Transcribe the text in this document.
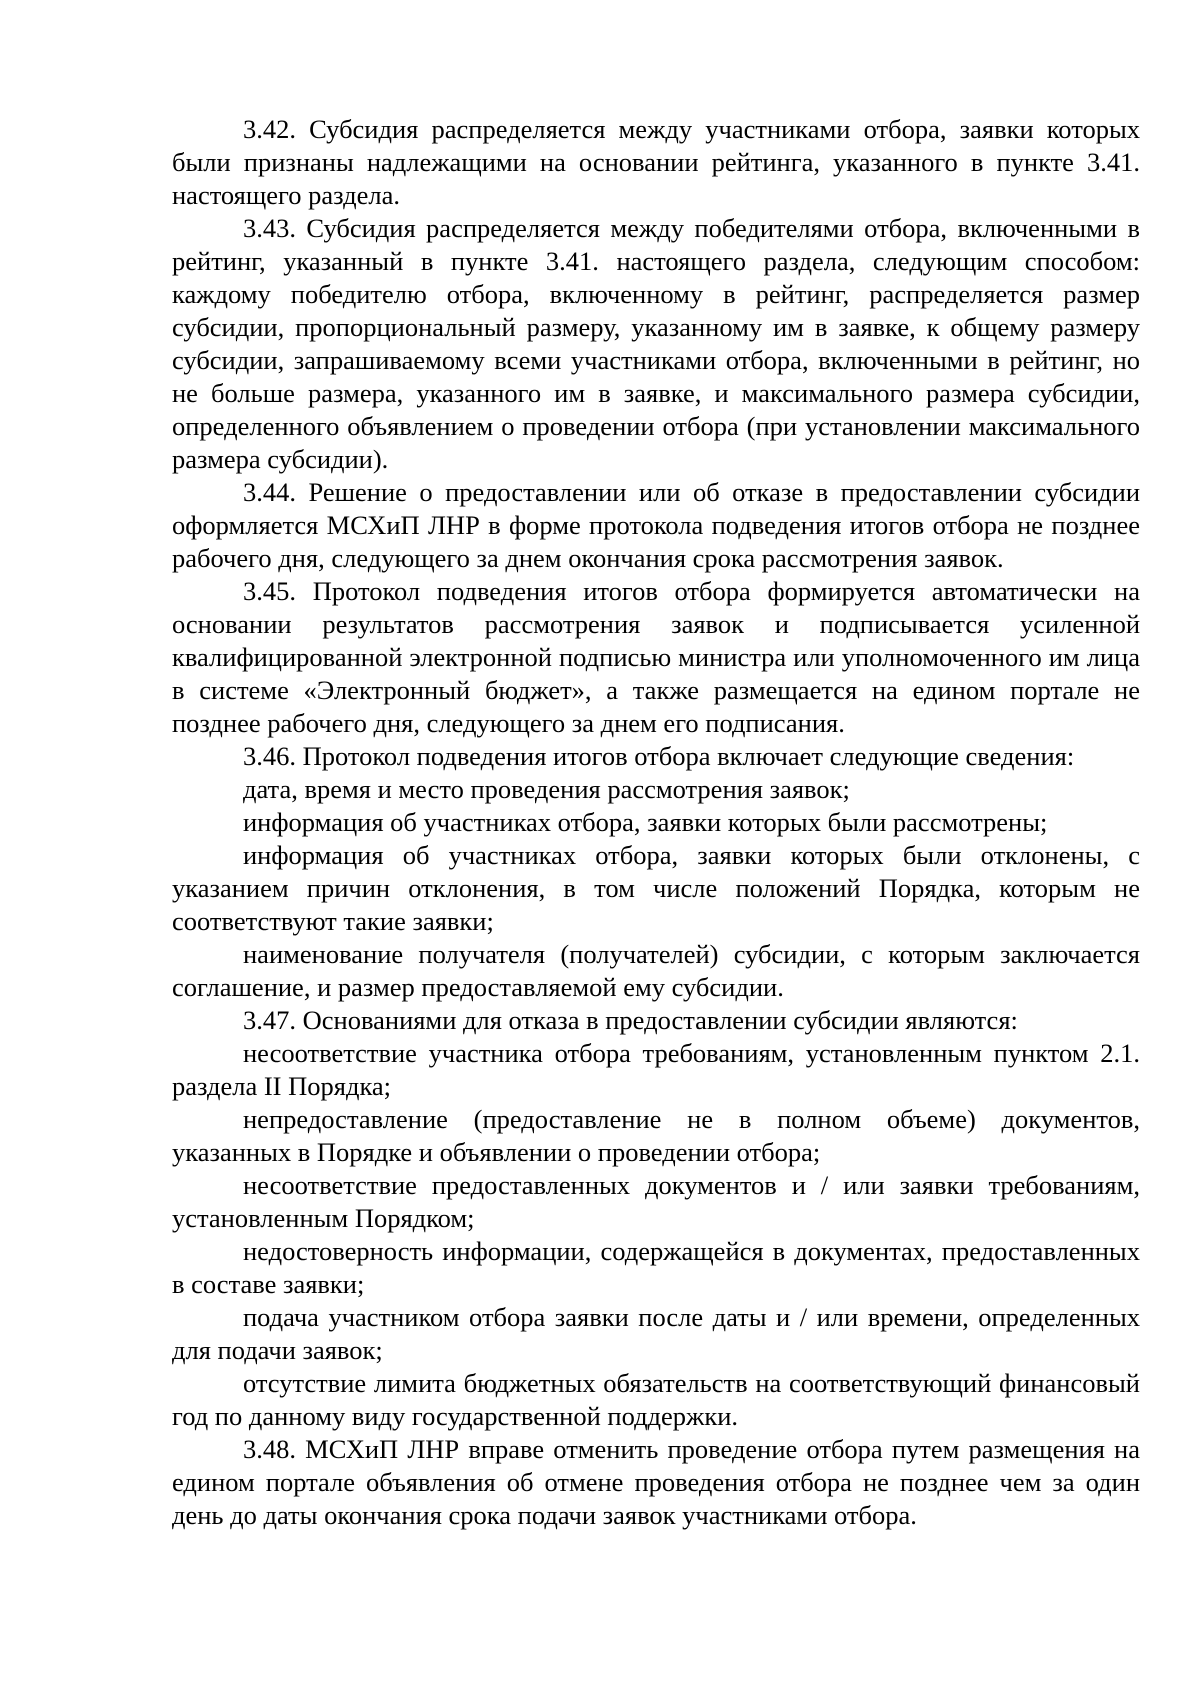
3.42. Субсидия распределяется между участниками отбора, заявки которых были признаны надлежащими на основании рейтинга, указанного в пункте 3.41. настоящего раздела.

3.43. Субсидия распределяется между победителями отбора, включенными в рейтинг, указанный в пункте 3.41. настоящего раздела, следующим способом: каждому победителю отбора, включенному в рейтинг, распределяется размер субсидии, пропорциональный размеру, указанному им в заявке, к общему размеру субсидии, запрашиваемому всеми участниками отбора, включенными в рейтинг, но не больше размера, указанного им в заявке, и максимального размера субсидии, определенного объявлением о проведении отбора (при установлении максимального размера субсидии).

3.44. Решение о предоставлении или об отказе в предоставлении субсидии оформляется МСХиП ЛНР в форме протокола подведения итогов отбора не позднее рабочего дня, следующего за днем окончания срока рассмотрения заявок.

3.45. Протокол подведения итогов отбора формируется автоматически на основании результатов рассмотрения заявок и подписывается усиленной квалифицированной электронной подписью министра или уполномоченного им лица в системе «Электронный бюджет», а также размещается на едином портале не позднее рабочего дня, следующего за днем его подписания.

3.46. Протокол подведения итогов отбора включает следующие сведения:

дата, время и место проведения рассмотрения заявок;

информация об участниках отбора, заявки которых были рассмотрены;

информация об участниках отбора, заявки которых были отклонены, с указанием причин отклонения, в том числе положений Порядка, которым не соответствуют такие заявки;

наименование получателя (получателей) субсидии, с которым заключается соглашение, и размер предоставляемой ему субсидии.

3.47. Основаниями для отказа в предоставлении субсидии являются:

несоответствие участника отбора требованиям, установленным пунктом 2.1. раздела II Порядка;

непредоставление (предоставление не в полном объеме) документов, указанных в Порядке и объявлении о проведении отбора;

несоответствие предоставленных документов и / или заявки требованиям, установленным Порядком;

недостоверность информации, содержащейся в документах, предоставленных в составе заявки;

подача участником отбора заявки после даты и / или времени, определенных для подачи заявок;

отсутствие лимита бюджетных обязательств на соответствующий финансовый год по данному виду государственной поддержки.

3.48. МСХиП ЛНР вправе отменить проведение отбора путем размещения на едином портале объявления об отмене проведения отбора не позднее чем за один день до даты окончания срока подачи заявок участниками отбора.
